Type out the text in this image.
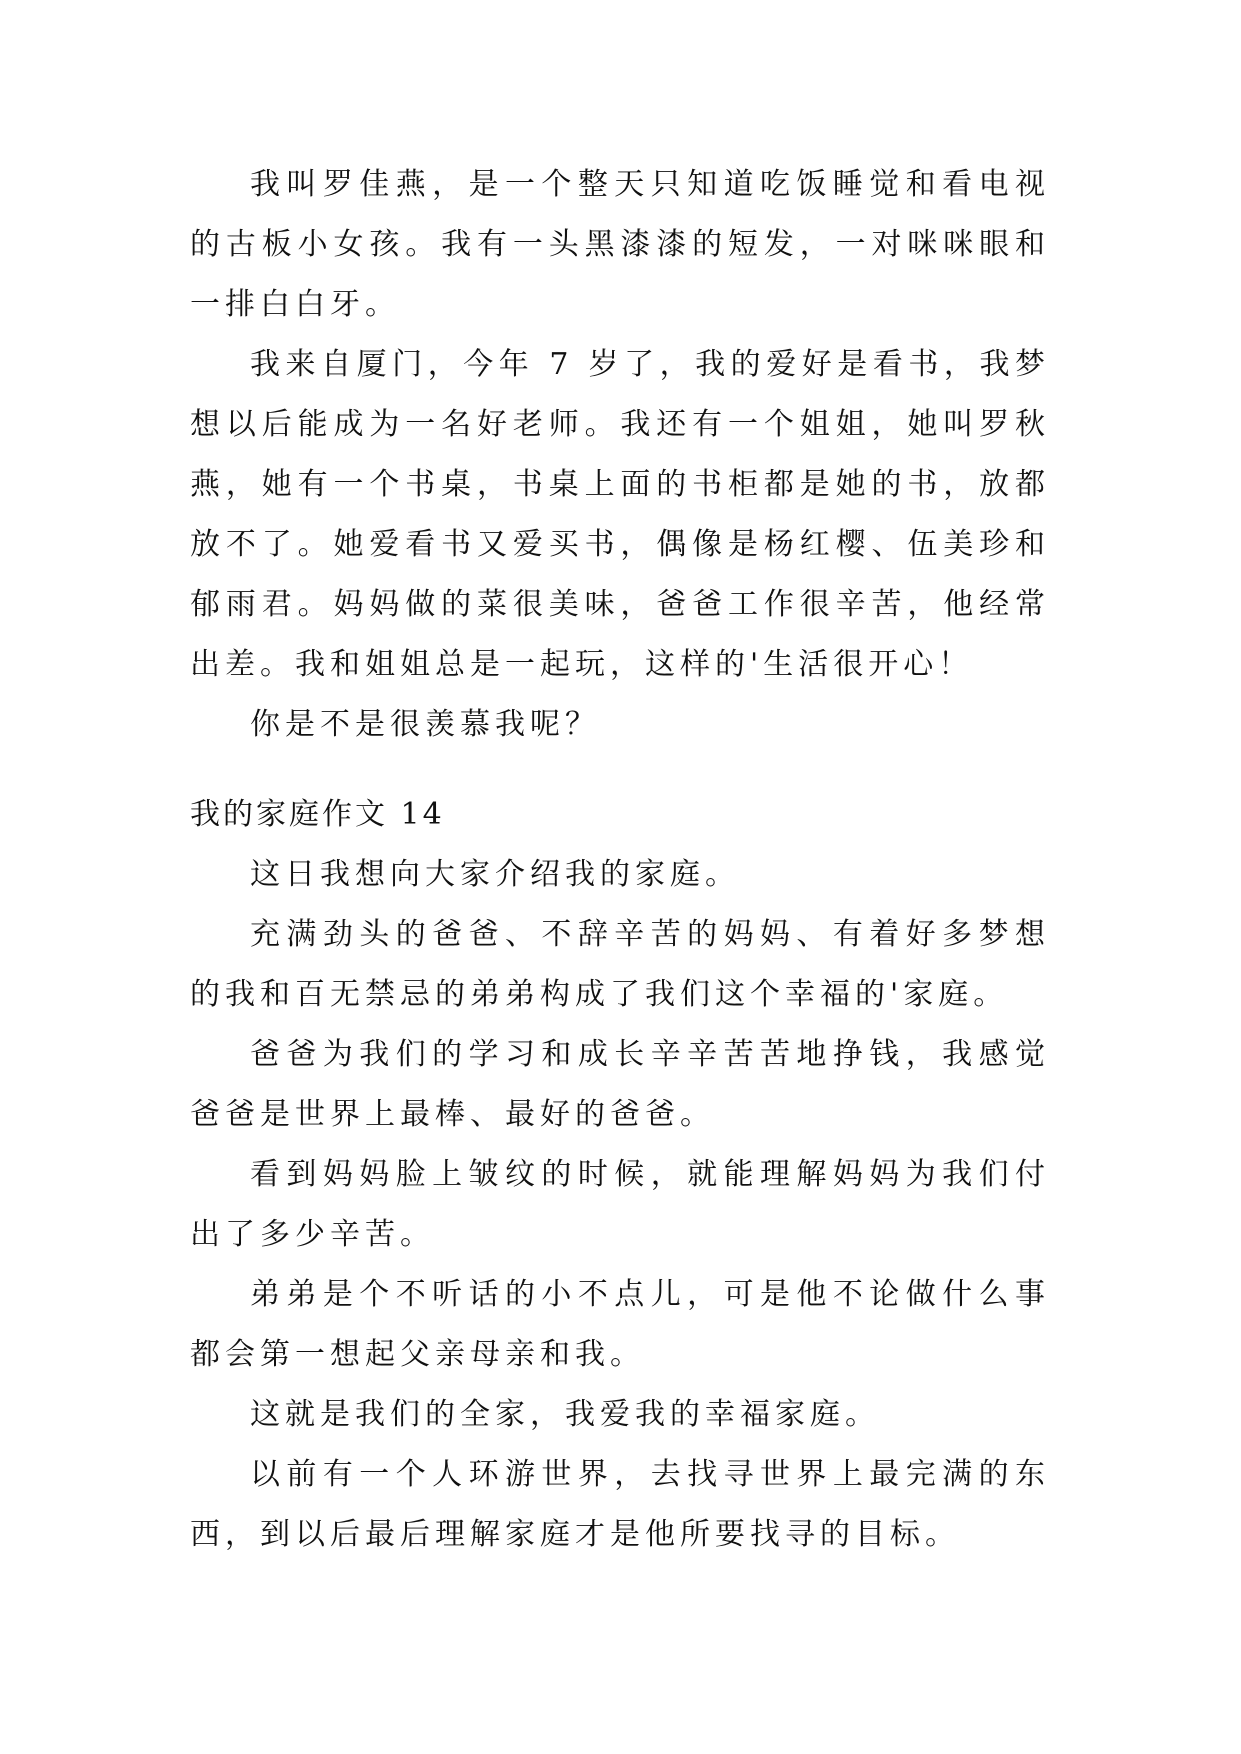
我叫罗佳燕，是一个整天只知道吃饭睡觉和看电视的古板小女孩。我有一头黑漆漆的短发，一对咪咪眼和一排白白牙。

我来自厦门，今年 7 岁了，我的爱好是看书，我梦想以后能成为一名好老师。我还有一个姐姐，她叫罗秋燕，她有一个书桌，书桌上面的书柜都是她的书，放都放不了。她爱看书又爱买书，偶像是杨红樱、伍美珍和郁雨君。妈妈做的菜很美味，爸爸工作很辛苦，他经常出差。我和姐姐总是一起玩，这样的'生活很开心！

你是不是很羡慕我呢？

我的家庭作文 14

这日我想向大家介绍我的家庭。

充满劲头的爸爸、不辞辛苦的妈妈、有着好多梦想的我和百无禁忌的弟弟构成了我们这个幸福的'家庭。

爸爸为我们的学习和成长辛辛苦苦地挣钱，我感觉爸爸是世界上最棒、最好的爸爸。

看到妈妈脸上皱纹的时候，就能理解妈妈为我们付出了多少辛苦。

弟弟是个不听话的小不点儿，可是他不论做什么事都会第一想起父亲母亲和我。

这就是我们的全家，我爱我的幸福家庭。

以前有一个人环游世界，去找寻世界上最完满的东西，到以后最后理解家庭才是他所要找寻的目标。
